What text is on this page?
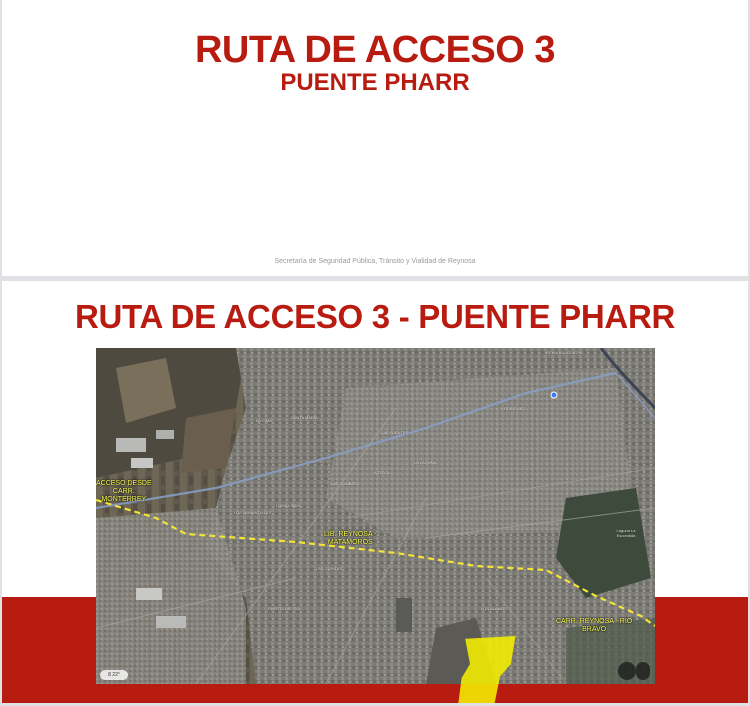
RUTA DE ACCESO 3
PUENTE PHARR
Secretaría de Seguridad Pública, Tránsito y Vialidad de Reynosa
RUTA DE ACCESO 3 - PUENTE PHARR
REYNOSA CENTRO
RODRÍGUEZ
SANTA MARÍA
LA CIMA
LAS FUENTES
AZTECA
LA LAGUNA
LAS CUMBRES
LAS QUINTAS
LOMA LINDA
LOS MANANTIALES
PUERTA DEL SOL
Laguna La Escondida
LOS ÁLAMOS
ACCESO DESDE
CARR.
MONTERREY
LIB. REYNOSA -
MATAMOROS
CARR. REYNOSA - RIO
BRAVO
8 22°
